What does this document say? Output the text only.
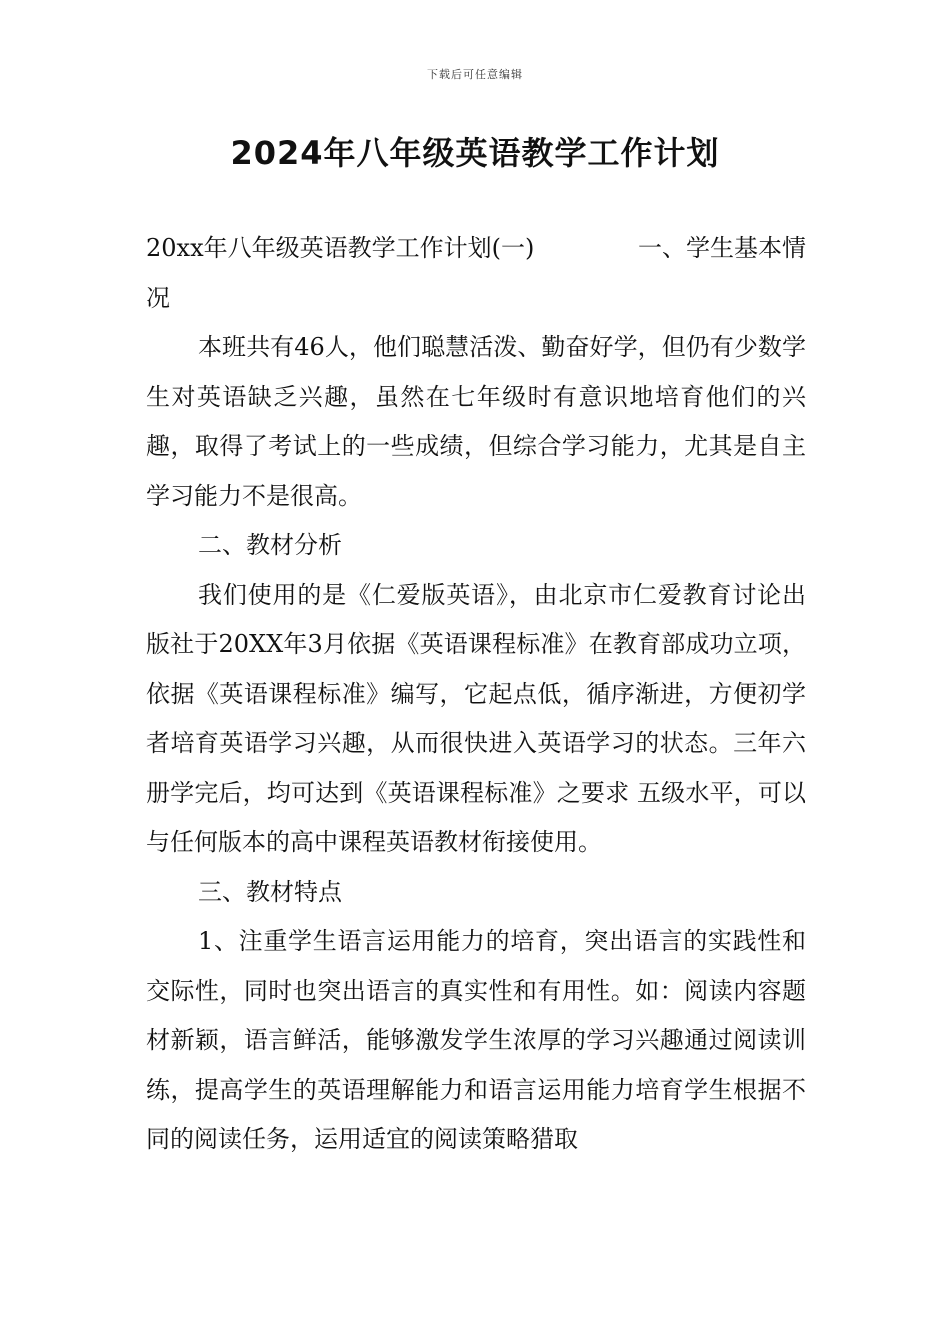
下载后可任意编辑
2024年八年级英语教学工作计划
20xx年八年级英语教学工作计划(一)	一、学生基本情

况

本班共有46人，他们聪慧活泼、勤奋好学，但仍有少数学生对英语缺乏兴趣，虽然在七年级时有意识地培育他们的兴趣，取得了考试上的一些成绩，但综合学习能力，尤其是自主学习能力不是很高。

二、教材分析

我们使用的是《仁爱版英语》，由北京市仁爱教育讨论出版社于20XX年3月依据《英语课程标准》在教育部成功立项，依据《英语课程标准》编写，它起点低，循序渐进，方便初学者培育英语学习兴趣，从而很快进入英语学习的状态。三年六册学完后，均可达到《英语课程标准》之要求 五级水平，可以与任何版本的高中课程英语教材衔接使用。

三、教材特点

1、注重学生语言运用能力的培育，突出语言的实践性和交际性，同时也突出语言的真实性和有用性。如：阅读内容题材新颖，语言鲜活，能够激发学生浓厚的学习兴趣通过阅读训练，提高学生的英语理解能力和语言运用能力培育学生根据不同的阅读任务，运用适宜的阅读策略猎取
